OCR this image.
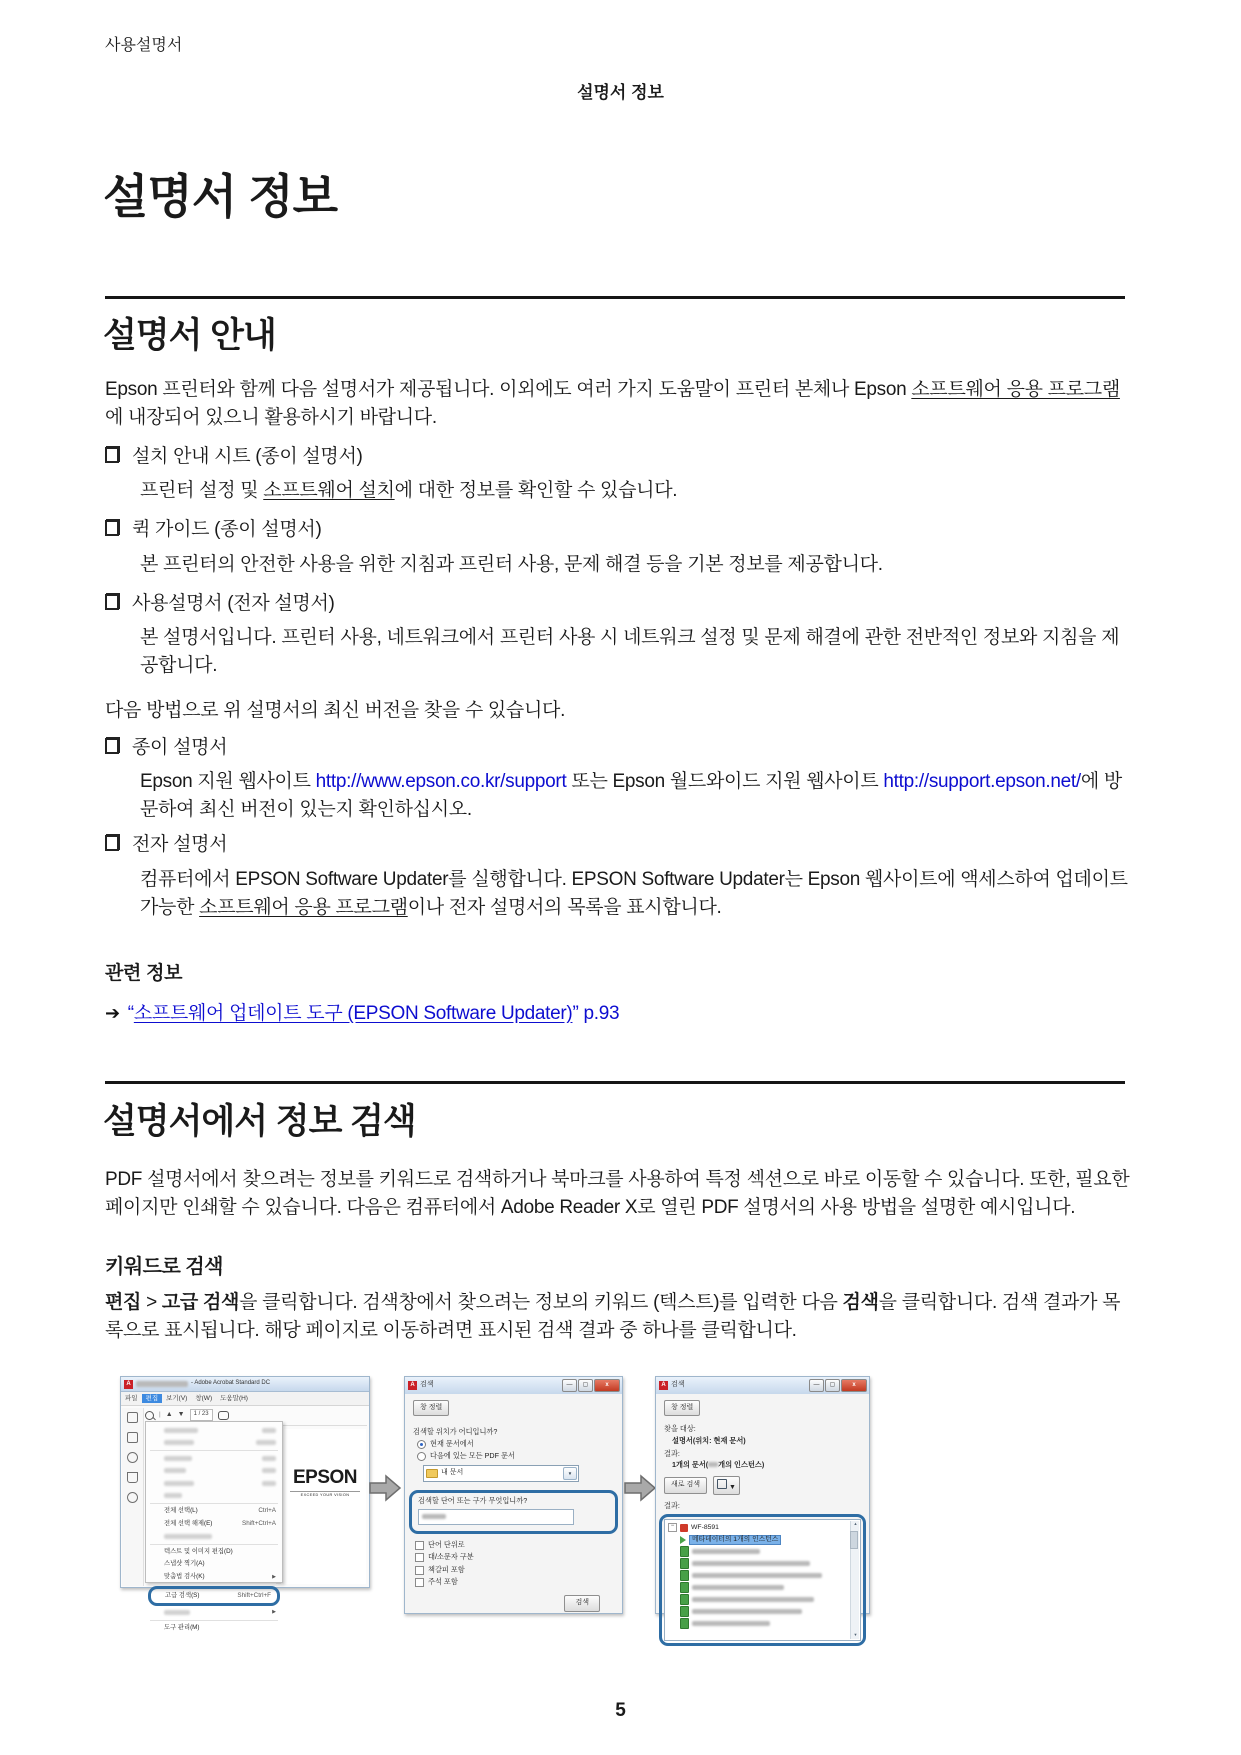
사용설명서
설명서 정보
설명서 정보
설명서 안내
Epson 프린터와 함께 다음 설명서가 제공됩니다. 이외에도 여러 가지 도움말이 프린터 본체나 Epson 소프트웨어 응용 프로그램에 내장되어 있으니 활용하시기 바랍니다.
설치 안내 시트 (종이 설명서)
프린터 설정 및 소프트웨어 설치에 대한 정보를 확인할 수 있습니다.
퀵 가이드 (종이 설명서)
본 프린터의 안전한 사용을 위한 지침과 프린터 사용, 문제 해결 등을 기본 정보를 제공합니다.
사용설명서 (전자 설명서)
본 설명서입니다. 프린터 사용, 네트워크에서 프린터 사용 시 네트워크 설정 및 문제 해결에 관한 전반적인 정보와 지침을 제공합니다.
다음 방법으로 위 설명서의 최신 버전을 찾을 수 있습니다.
종이 설명서
Epson 지원 웹사이트 http://www.epson.co.kr/support 또는 Epson 월드와이드 지원 웹사이트 http://support.epson.net/에 방문하여 최신 버전이 있는지 확인하십시오.
전자 설명서
컴퓨터에서 EPSON Software Updater를 실행합니다. EPSON Software Updater는 Epson 웹사이트에 액세스하여 업데이트 가능한 소프트웨어 응용 프로그램이나 전자 설명서의 목록을 표시합니다.
관련 정보
➔ “소프트웨어 업데이트 도구 (EPSON Software Updater)” p.93
설명서에서 정보 검색
PDF 설명서에서 찾으려는 정보를 키워드로 검색하거나 북마크를 사용하여 특정 섹션으로 바로 이동할 수 있습니다. 또한, 필요한 페이지만 인쇄할 수 있습니다. 다음은 컴퓨터에서 Adobe Reader X로 열린 PDF 설명서의 사용 방법을 설명한 예시입니다.
키워드로 검색
편집 > 고급 검색을 클릭합니다. 검색창에서 찾으려는 정보의 키워드 (텍스트)를 입력한 다음 검색을 클릭합니다. 검색 결과가 목록으로 표시됩니다. 해당 페이지로 이동하려면 표시된 검색 결과 중 하나를 클릭합니다.
A	- Adobe Acrobat Standard DC
파일	편집	보기(V)	창(W)	도움말(H)
| ▲ ▼	1 / 23
EPSON
EXCEED YOUR VISION
전체 선택(L)	Ctrl+A
전체 선택 해제(E)	Shift+Ctrl+A
텍스트 및 이미지 편집(D)
스냅샷 찍기(A)
맞춤법 검사(K)	▶
고급 검색(S)	Shift+Ctrl+F
▶
도구 관리(M)
A 검색	—	▢	x
창 정렬
검색할 위치가 어디입니까?
현재 문서에서
다음에 있는 모든 PDF 문서
내 문서	▼
검색할 단어 또는 구가 무엇입니까?
단어 단위로
대/소문자 구분
책갈피 포함
주석 포함
검색
A 검색	—	▢	x
창 정렬
찾을 대상:
설명서(위치: 현재 문서)
결과:
1개의 문서( 개의 인스턴스)
새로 검색	▼
결과:
−	WF-8591
메타데이터의 1개의 인스턴스
▲
▼
5
